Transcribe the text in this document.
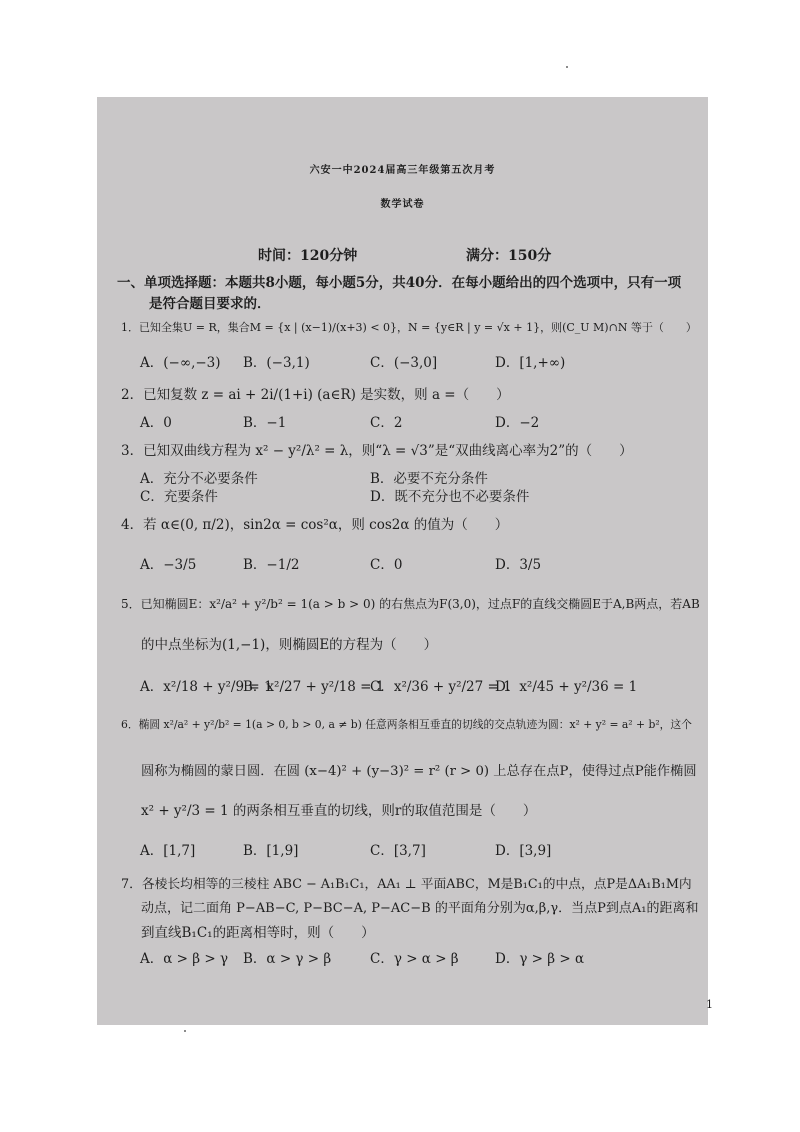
六安一中2024届高三年级第五次月考
数学试卷
时间：120分钟	满分：150分
一、单项选择题：本题共8小题，每小题5分，共40分．在每小题给出的四个选项中，只有一项
是符合题目要求的．
1．已知全集U = R，集合M = {x | (x−1)/(x+3) < 0}，N = {y∈R | y = √x + 1}，则(C_U M)∩N 等于（　　）
A．(−∞,−3) B．(−3,1)	C．(−3,0]	D．[1,+∞)
2．已知复数 z = ai + 2i/(1+i) (a∈R) 是实数，则 a =（　　）
A．0	B．−1	C．2	D．−2
3．已知双曲线方程为 x² − y²/λ² = λ，则“λ = √3”是“双曲线离心率为2”的（　　）
A．充分不必要条件	B．必要不充分条件
C．充要条件	D．既不充分也不必要条件
4．若 α∈(0, π/2)，sin2α = cos²α，则 cos2α 的值为（　　）
A．−3/5	B．−1/2	C．0	D．3/5
5．已知椭圆E：x²/a² + y²/b² = 1(a > b > 0) 的右焦点为F(3,0)，过点F的直线交椭圆E于A,B两点，若AB
的中点坐标为(1,−1)，则椭圆E的方程为（　　）
A．x²/18 + y²/9 = 1
B．x²/27 + y²/18 = 1
C．x²/36 + y²/27 = 1
D．x²/45 + y²/36 = 1
6．椭圆 x²/a² + y²/b² = 1(a > 0, b > 0, a ≠ b) 任意两条相互垂直的切线的交点轨迹为圆：x² + y² = a² + b²，这个
圆称为椭圆的蒙日圆．在圆 (x−4)² + (y−3)² = r² (r > 0) 上总存在点P，使得过点P能作椭圆
x² + y²/3 = 1 的两条相互垂直的切线，则r的取值范围是（　　）
A．[1,7]	B．[1,9]	C．[3,7]	D．[3,9]
7．各棱长均相等的三棱柱 ABC − A₁B₁C₁，AA₁ ⊥ 平面ABC，M是B₁C₁的中点，点P是ΔA₁B₁M内
动点，记二面角 P−AB−C, P−BC−A, P−AC−B 的平面角分别为α,β,γ．当点P到点A₁的距离和
到直线B₁C₁的距离相等时，则（　　）
A．α > β > γ B．α > γ > β	C．γ > α > β	D．γ > β > α
1
